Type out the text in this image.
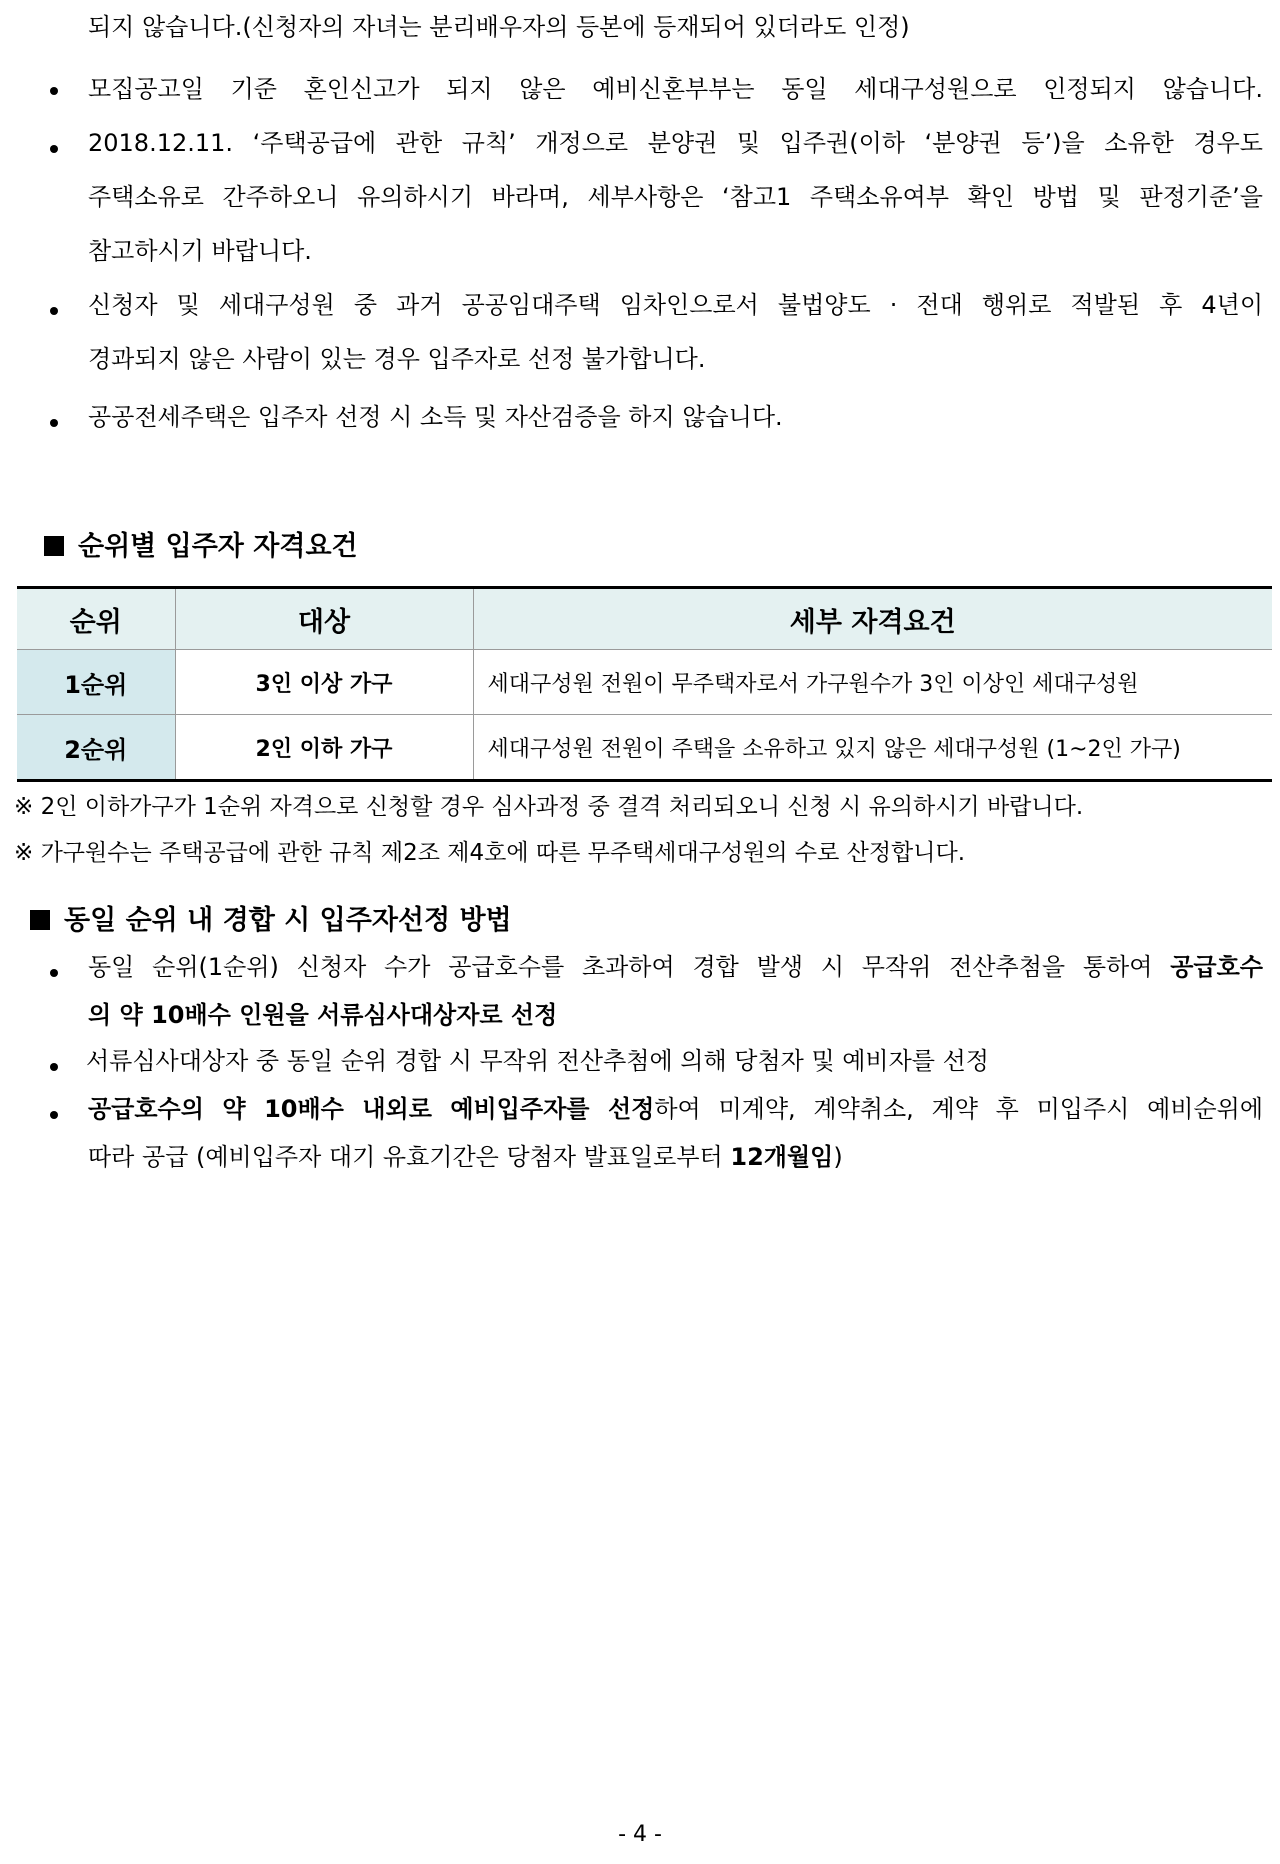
되지 않습니다.(신청자의 자녀는 분리배우자의 등본에 등재되어 있더라도 인정)
모집공고일 기준 혼인신고가 되지 않은 예비신혼부부는 동일 세대구성원으로 인정되지 않습니다.
2018.12.11. ‘주택공급에 관한 규칙’ 개정으로 분양권 및 입주권(이하 ‘분양권 등’)을 소유한 경우도
주택소유로 간주하오니 유의하시기 바라며, 세부사항은 ‘참고1 주택소유여부 확인 방법 및 판정기준’을
참고하시기 바랍니다.
신청자 및 세대구성원 중 과거 공공임대주택 임차인으로서 불법양도 · 전대 행위로 적발된 후 4년이
경과되지 않은 사람이 있는 경우 입주자로 선정 불가합니다.
공공전세주택은 입주자 선정 시 소득 및 자산검증을 하지 않습니다.
순위별 입주자 자격요건
순위	대상	세부 자격요건
1순위	3인 이상 가구	세대구성원 전원이 무주택자로서 가구원수가 3인 이상인 세대구성원
2순위	2인 이하 가구	세대구성원 전원이 주택을 소유하고 있지 않은 세대구성원 (1~2인 가구)
※ 2인 이하가구가 1순위 자격으로 신청할 경우 심사과정 중 결격 처리되오니 신청 시 유의하시기 바랍니다.
※ 가구원수는 주택공급에 관한 규칙 제2조 제4호에 따른 무주택세대구성원의 수로 산정합니다.
동일 순위 내 경합 시 입주자선정 방법
동일 순위(1순위) 신청자 수가 공급호수를 초과하여 경합 발생 시 무작위 전산추첨을 통하여 공급호수
의 약 10배수 인원을 서류심사대상자로 선정
서류심사대상자 중 동일 순위 경합 시 무작위 전산추첨에 의해 당첨자 및 예비자를 선정
공급호수의 약 10배수 내외로 예비입주자를 선정하여 미계약, 계약취소, 계약 후 미입주시 예비순위에
따라 공급 (예비입주자 대기 유효기간은 당첨자 발표일로부터 12개월임)
- 4 -
